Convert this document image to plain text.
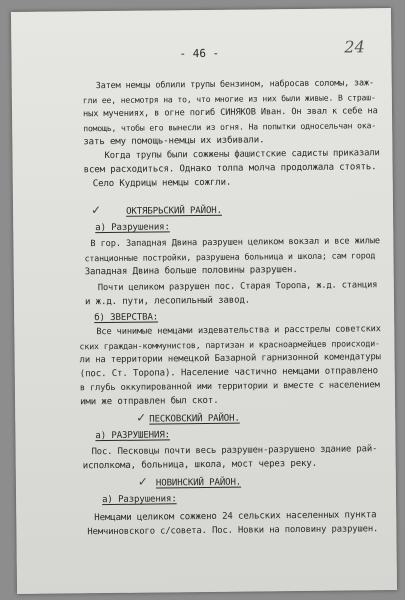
24
- 46 -
Затем немцы облили трупы бензином, набросав соломы, заж-
гли ее, несмотря на то, что многие из них были живые. В страш-
ных мучениях, в огне погиб СИНЯКОВ Иван. Он звал к себе на
помощь, чтобы его вынесли из огня. На попытки односельчан ока-
зать ему помощь-немцы их избивали.
Когда трупы были сожжены фашистские садисты приказали
всем расходиться. Однако толпа молча продолжала стоять.
Село Кудрицы немцы сожгли.
✓	ОКТЯБРЬСКИЙ РАЙОН.
а) Разрушения:
В гор. Западная Двина разрушен целиком вокзал и все жилые
станционные постройки, разрушена больница и школа; сам город
Западная Двина больше половины разрушен.
Почти целиком разрушен пос. Старая Торопа, ж.д. станция
и ж.д. пути, лесопильный завод.
б) ЗВЕРСТВА:
Все чинимые немцами издевательства и расстрелы советских
ских граждан-коммунистов, партизан и красноармейцев происходи-
ли на территории немецкой Базарной гарнизонной комендатуры
(пос. Ст. Торопа). Население частично немцами отправлено
в глубь оккупированной ими территории и вместе с населением
ими же отправлен был скот.
✓ ПЕСКОВСКИЙ РАЙОН.
а) РАЗРУШЕНИЯ:
Пос. Песковцы почти весь разрушен-разрушено здание рай-
исполкома, больница, школа, мост через реку.
✓ НОВИНСКИЙ РАЙОН.
а) Разрушения:
Немцами целиком сожжено 24 сельских населенных пункта
Немчиновского с/совета. Пос. Новки на половину разрушен.
